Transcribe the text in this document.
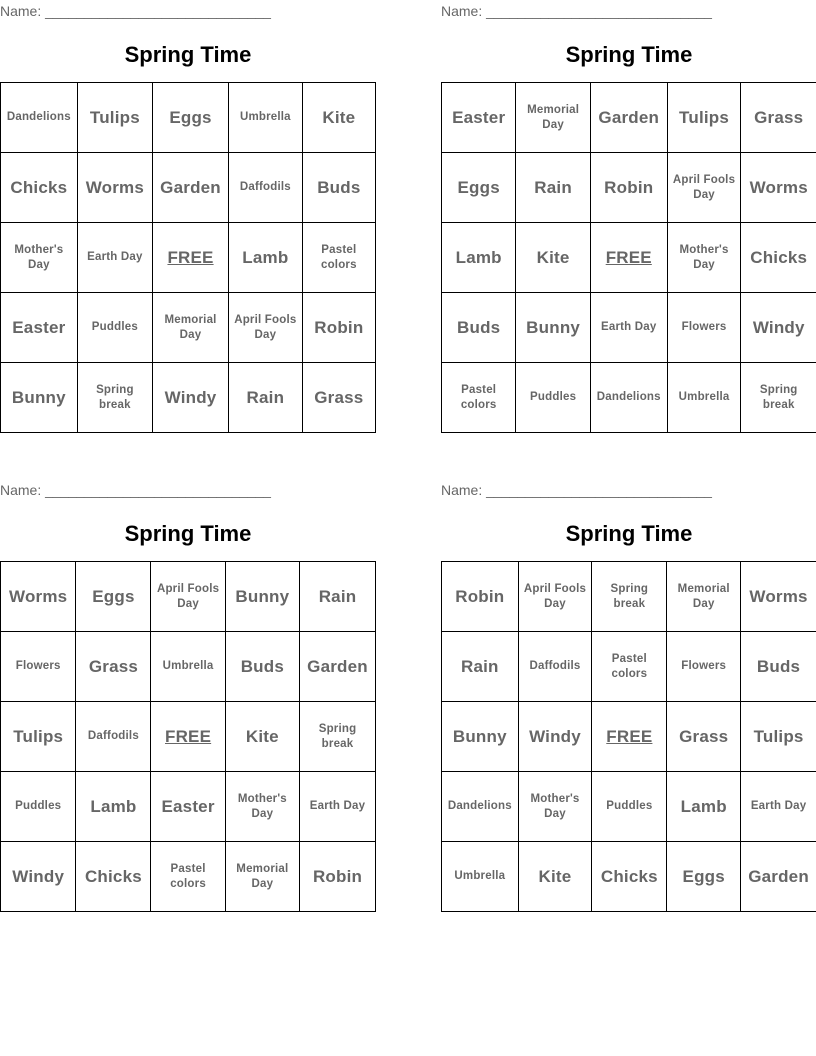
Name: _____________________________
Spring Time
Dandelions	Tulips	Eggs	Umbrella	Kite
Chicks	Worms	Garden	Daffodils	Buds
Mother's Day	Earth Day	FREE	Lamb	Pastel colors
Easter	Puddles	Memorial Day	April Fools Day	Robin
Bunny	Spring break	Windy	Rain	Grass
Name: _____________________________
Spring Time
Easter	Memorial Day	Garden	Tulips	Grass
Eggs	Rain	Robin	April Fools Day	Worms
Lamb	Kite	FREE	Mother's Day	Chicks
Buds	Bunny	Earth Day	Flowers	Windy
Pastel colors	Puddles	Dandelions	Umbrella	Spring break
Name: _____________________________
Spring Time
Worms	Eggs	April Fools Day	Bunny	Rain
Flowers	Grass	Umbrella	Buds	Garden
Tulips	Daffodils	FREE	Kite	Spring break
Puddles	Lamb	Easter	Mother's Day	Earth Day
Windy	Chicks	Pastel colors	Memorial Day	Robin
Name: _____________________________
Spring Time
Robin	April Fools Day	Spring break	Memorial Day	Worms
Rain	Daffodils	Pastel colors	Flowers	Buds
Bunny	Windy	FREE	Grass	Tulips
Dandelions	Mother's Day	Puddles	Lamb	Earth Day
Umbrella	Kite	Chicks	Eggs	Garden
